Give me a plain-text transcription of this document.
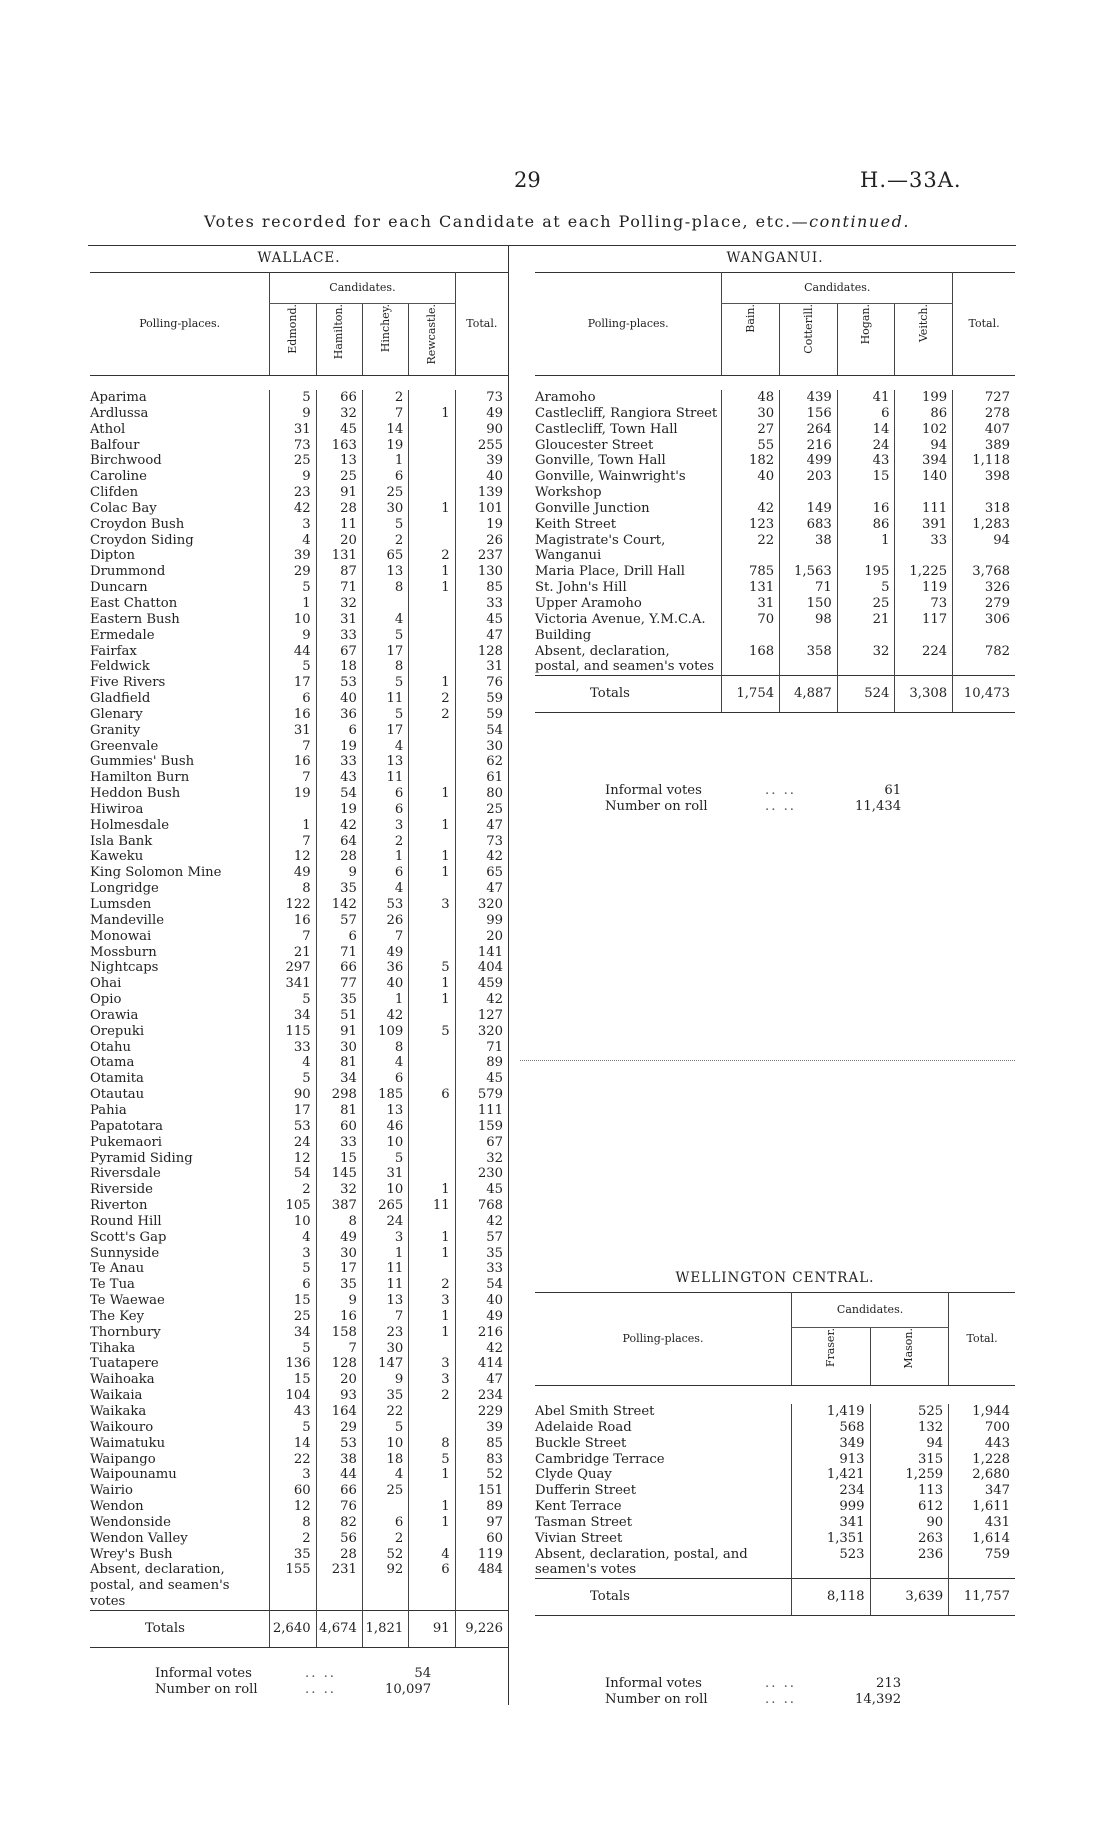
29	H.—33A.
Votes recorded for each Candidate at each Polling-place, etc.—continued.
WALLACE.
Polling-places.	Candidates.				Total.
	Edmond.	Hamilton.	Hinchey.	Rewcastle.	

Aparima	5	66	2		73
Ardlussa	9	32	7	1	49
Athol	31	45	14		90
Balfour	73	163	19		255
Birchwood	25	13	1		39
Caroline	9	25	6		40
Clifden	23	91	25		139
Colac Bay	42	28	30	1	101
Croydon Bush	3	11	5		19
Croydon Siding	4	20	2		26
Dipton	39	131	65	2	237
Drummond	29	87	13	1	130
Duncarn	5	71	8	1	85
East Chatton	1	32			33
Eastern Bush	10	31	4		45
Ermedale	9	33	5		47
Fairfax	44	67	17		128
Feldwick	5	18	8		31
Five Rivers	17	53	5	1	76
Gladfield	6	40	11	2	59
Glenary	16	36	5	2	59
Granity	31	6	17		54
Greenvale	7	19	4		30
Gummies' Bush	16	33	13		62
Hamilton Burn	7	43	11		61
Heddon Bush	19	54	6	1	80
Hiwiroa		19	6		25
Holmesdale	1	42	3	1	47
Isla Bank	7	64	2		73
Kaweku	12	28	1	1	42
King Solomon Mine	49	9	6	1	65
Longridge	8	35	4		47
Lumsden	122	142	53	3	320
Mandeville	16	57	26		99
Monowai	7	6	7		20
Mossburn	21	71	49		141
Nightcaps	297	66	36	5	404
Ohai	341	77	40	1	459
Opio	5	35	1	1	42
Orawia	34	51	42		127
Orepuki	115	91	109	5	320
Otahu	33	30	8		71
Otama	4	81	4		89
Otamita	5	34	6		45
Otautau	90	298	185	6	579
Pahia	17	81	13		111
Papatotara	53	60	46		159
Pukemaori	24	33	10		67
Pyramid Siding	12	15	5		32
Riversdale	54	145	31		230
Riverside	2	32	10	1	45
Riverton	105	387	265	11	768
Round Hill	10	8	24		42
Scott's Gap	4	49	3	1	57
Sunnyside	3	30	1	1	35
Te Anau	5	17	11		33
Te Tua	6	35	11	2	54
Te Waewae	15	9	13	3	40
The Key	25	16	7	1	49
Thornbury	34	158	23	1	216
Tihaka	5	7	30		42
Tuatapere	136	128	147	3	414
Waihoaka	15	20	9	3	47
Waikaia	104	93	35	2	234
Waikaka	43	164	22		229
Waikouro	5	29	5		39
Waimatuku	14	53	10	8	85
Waipango	22	38	18	5	83
Waipounamu	3	44	4	1	52
Wairio	60	66	25		151
Wendon	12	76		1	89
Wendonside	8	82	6	1	97
Wendon Valley	2	56	2		60
Wrey's Bush	35	28	52	4	119
Absent, declaration, postal, and seamen's votes	155	231	92	6	484
Totals	2,640	4,674	1,821	91	9,226
Informal votes	.. ..	54
Number on roll	.. ..	10,097
WANGANUI.
Polling-places.	Candidates.				Total.
	Bain.	Cotterill.	Hogan.	Veitch.	

Aramoho	48	439	41	199	727
Castlecliff, Rangiora Street	30	156	6	86	278
Castlecliff, Town Hall	27	264	14	102	407
Gloucester Street	55	216	24	94	389
Gonville, Town Hall	182	499	43	394	1,118
Gonville, Wainwright's Workshop	40	203	15	140	398
Gonville Junction	42	149	16	111	318
Keith Street	123	683	86	391	1,283
Magistrate's Court, Wanganui	22	38	1	33	94
Maria Place, Drill Hall	785	1,563	195	1,225	3,768
St. John's Hill	131	71	5	119	326
Upper Aramoho	31	150	25	73	279
Victoria Avenue, Y.M.C.A. Building	70	98	21	117	306
Absent, declaration, postal, and seamen's votes	168	358	32	224	782
Totals	1,754	4,887	524	3,308	10,473
Informal votes	.. ..	61
Number on roll	.. ..	11,434
WELLINGTON CENTRAL.
Polling-places.	Candidates.		Total.
	Fraser.	Mason.	

Abel Smith Street	1,419	525	1,944
Adelaide Road	568	132	700
Buckle Street	349	94	443
Cambridge Terrace	913	315	1,228
Clyde Quay	1,421	1,259	2,680
Dufferin Street	234	113	347
Kent Terrace	999	612	1,611
Tasman Street	341	90	431
Vivian Street	1,351	263	1,614
Absent, declaration, postal, and seamen's votes	523	236	759
Totals	8,118	3,639	11,757
Informal votes	.. ..	213
Number on roll	.. ..	14,392
